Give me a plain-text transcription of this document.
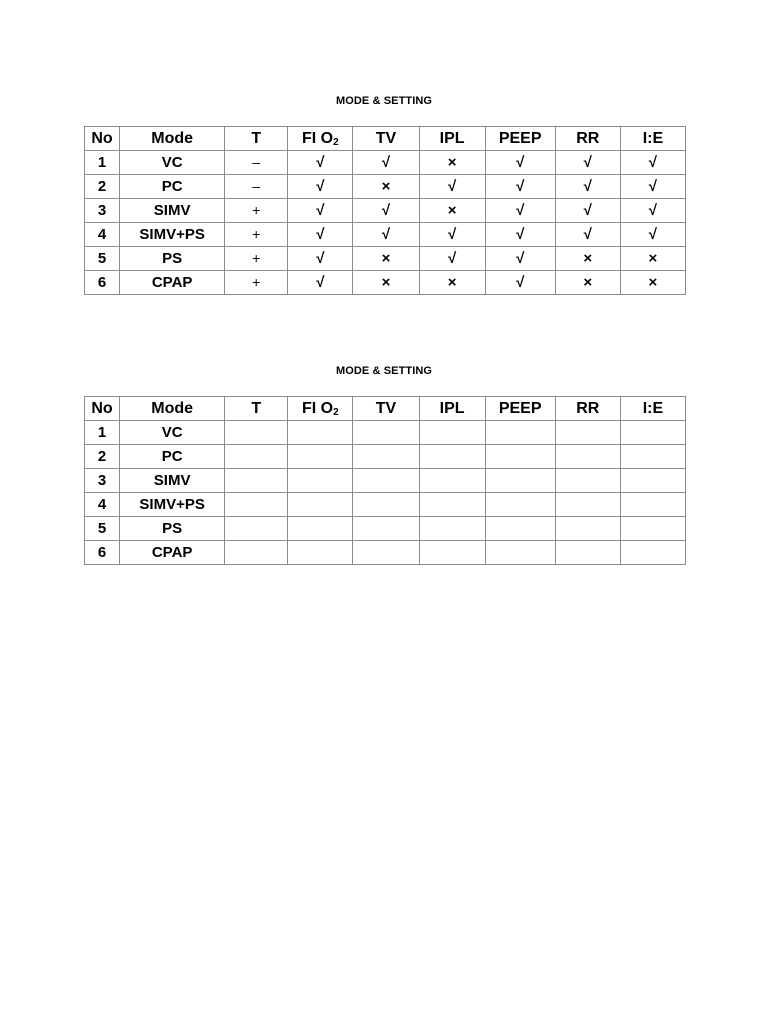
MODE & SETTING
No	Mode	T	FI $O_2$	TV	IPL	PEEP	RR	I:E
1	VC	–	√	√	×	√	√	√
2	PC	–	√	×	√	√	√	√
3	SIMV	+	√	√	×	√	√	√
4	SIMV+PS	+	√	√	√	√	√	√
5	PS	+	√	×	√	√	×	×
6	CPAP	+	√	×	×	√	×	×
MODE & SETTING
No	Mode	T	FI $O_2$	TV	IPL	PEEP	RR	I:E
1	VC							
2	PC							
3	SIMV							
4	SIMV+PS							
5	PS							
6	CPAP							
